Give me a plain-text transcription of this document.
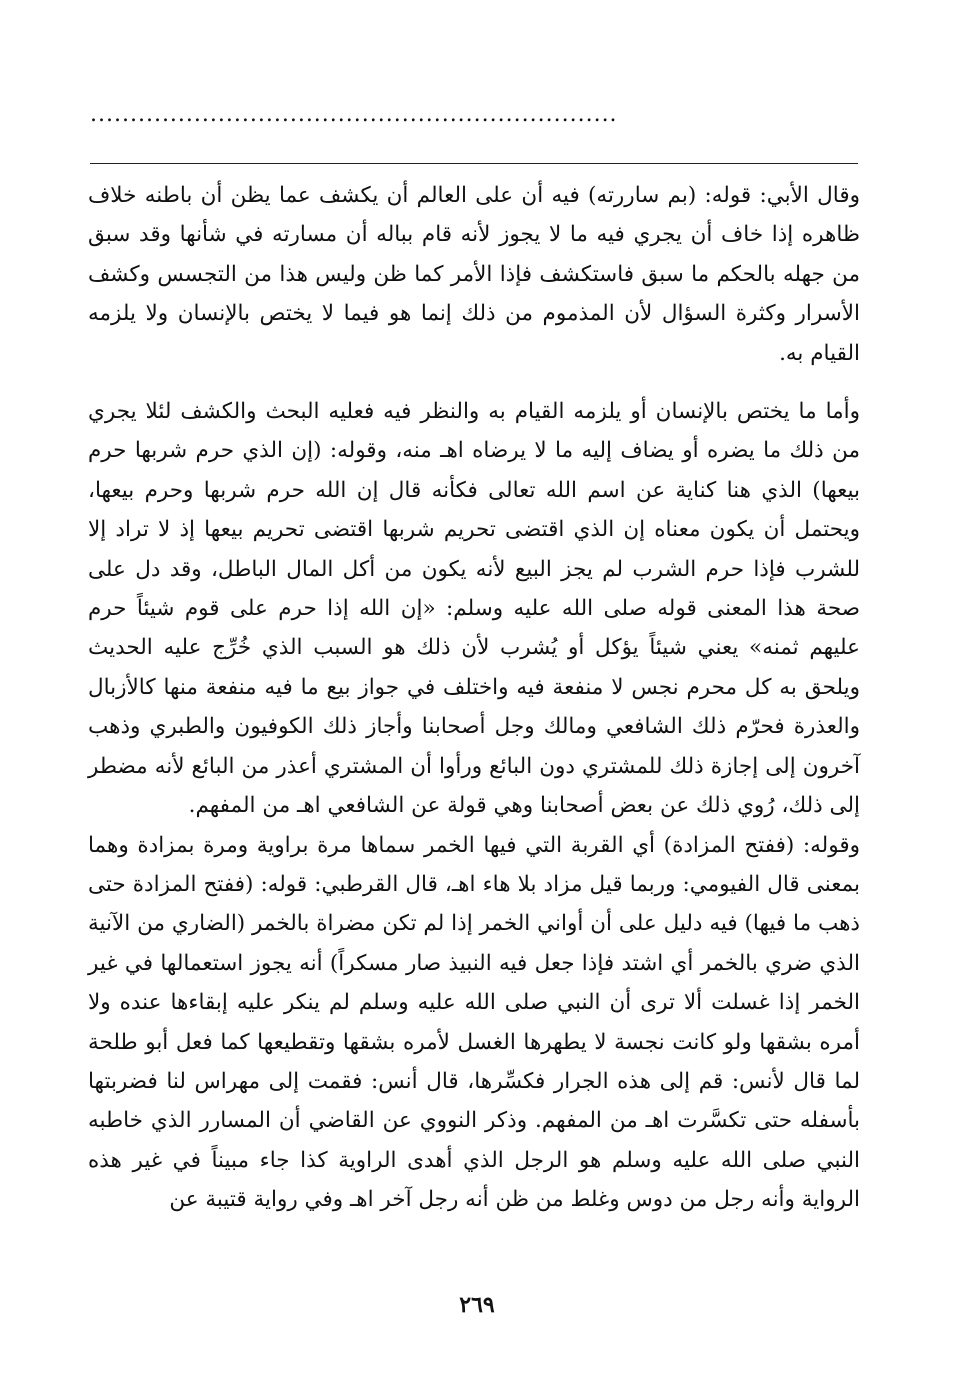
..................................................................

وقال الأبي: قوله: (بم ساررته) فيه أن على العالم أن يكشف عما يظن أن باطنه خلاف ظاهره إذا خاف أن يجري فيه ما لا يجوز لأنه قام بباله أن مسارته في شأنها وقد سبق من جهله بالحكم ما سبق فاستكشف فإذا الأمر كما ظن وليس هذا من التجسس وكشف الأسرار وكثرة السؤال لأن المذموم من ذلك إنما هو فيما لا يختص بالإنسان ولا يلزمه القيام به.

وأما ما يختص بالإنسان أو يلزمه القيام به والنظر فيه فعليه البحث والكشف لئلا يجري من ذلك ما يضره أو يضاف إليه ما لا يرضاه اهـ منه، وقوله: (إن الذي حرم شربها حرم بيعها) الذي هنا كناية عن اسم الله تعالى فكأنه قال إن الله حرم شربها وحرم بيعها، ويحتمل أن يكون معناه إن الذي اقتضى تحريم شربها اقتضى تحريم بيعها إذ لا تراد إلا للشرب فإذا حرم الشرب لم يجز البيع لأنه يكون من أكل المال الباطل، وقد دل على صحة هذا المعنى قوله صلى الله عليه وسلم: «إن الله إذا حرم على قوم شيئاً حرم عليهم ثمنه» يعني شيئاً يؤكل أو يُشرب لأن ذلك هو السبب الذي خُرِّج عليه الحديث ويلحق به كل محرم نجس لا منفعة فيه واختلف في جواز بيع ما فيه منفعة منها كالأزبال والعذرة فحرّم ذلك الشافعي ومالك وجل أصحابنا وأجاز ذلك الكوفيون والطبري وذهب آخرون إلى إجازة ذلك للمشتري دون البائع ورأوا أن المشتري أعذر من البائع لأنه مضطر إلى ذلك، رُوي ذلك عن بعض أصحابنا وهي قولة عن الشافعي اهـ من المفهم.

وقوله: (ففتح المزادة) أي القربة التي فيها الخمر سماها مرة براوية ومرة بمزادة وهما بمعنى قال الفيومي: وربما قيل مزاد بلا هاء اهـ، قال القرطبي: قوله: (ففتح المزادة حتى ذهب ما فيها) فيه دليل على أن أواني الخمر إذا لم تكن مضراة بالخمر (الضاري من الآنية الذي ضري بالخمر أي اشتد فإذا جعل فيه النبيذ صار مسكراً) أنه يجوز استعمالها في غير الخمر إذا غسلت ألا ترى أن النبي صلى الله عليه وسلم لم ينكر عليه إبقاءها عنده ولا أمره بشقها ولو كانت نجسة لا يطهرها الغسل لأمره بشقها وتقطيعها كما فعل أبو طلحة لما قال لأنس: قم إلى هذه الجرار فكسِّرها، قال أنس: فقمت إلى مهراس لنا فضربتها بأسفله حتى تكسَّرت اهـ من المفهم. وذكر النووي عن القاضي أن المسارر الذي خاطبه النبي صلى الله عليه وسلم هو الرجل الذي أهدى الراوية كذا جاء مبيناً في غير هذه الرواية وأنه رجل من دوس وغلط من ظن أنه رجل آخر اهـ وفي رواية قتيبة عن

٢٦٩
